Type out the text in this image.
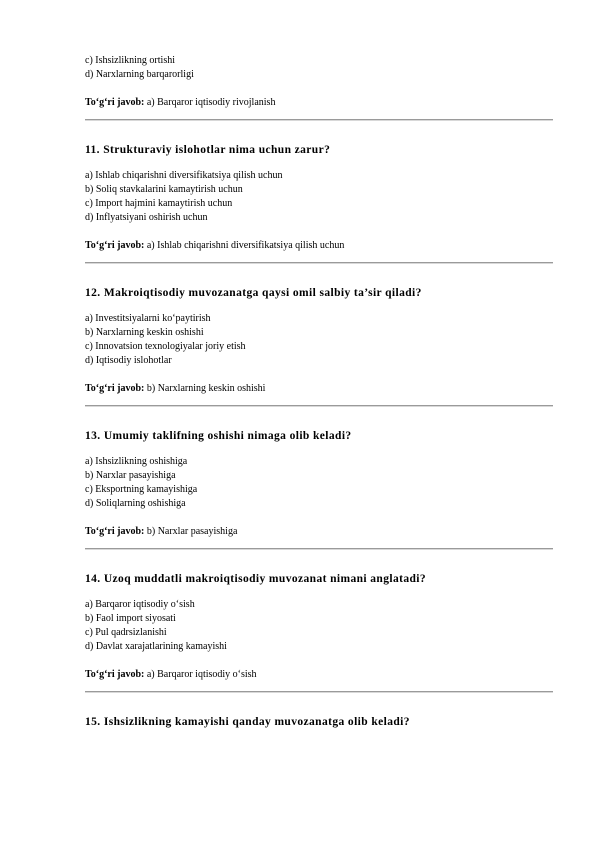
c) Ishsizlikning ortishi
d) Narxlarning barqarorligi
To‘g‘ri javob: a) Barqaror iqtisodiy rivojlanish
11. Strukturaviy islohotlar nima uchun zarur?
a) Ishlab chiqarishni diversifikatsiya qilish uchun
b) Soliq stavkalarini kamaytirish uchun
c) Import hajmini kamaytirish uchun
d) Inflyatsiyani oshirish uchun
To‘g‘ri javob: a) Ishlab chiqarishni diversifikatsiya qilish uchun
12. Makroiqtisodiy muvozanatga qaysi omil salbiy ta’sir qiladi?
a) Investitsiyalarni ko‘paytirish
b) Narxlarning keskin oshishi
c) Innovatsion texnologiyalar joriy etish
d) Iqtisodiy islohotlar
To‘g‘ri javob: b) Narxlarning keskin oshishi
13. Umumiy taklifning oshishi nimaga olib keladi?
a) Ishsizlikning oshishiga
b) Narxlar pasayishiga
c) Eksportning kamayishiga
d) Soliqlarning oshishiga
To‘g‘ri javob: b) Narxlar pasayishiga
14. Uzoq muddatli makroiqtisodiy muvozanat nimani anglatadi?
a) Barqaror iqtisodiy o‘sish
b) Faol import siyosati
c) Pul qadrsizlanishi
d) Davlat xarajatlarining kamayishi
To‘g‘ri javob: a) Barqaror iqtisodiy o‘sish
15. Ishsizlikning kamayishi qanday muvozanatga olib keladi?
